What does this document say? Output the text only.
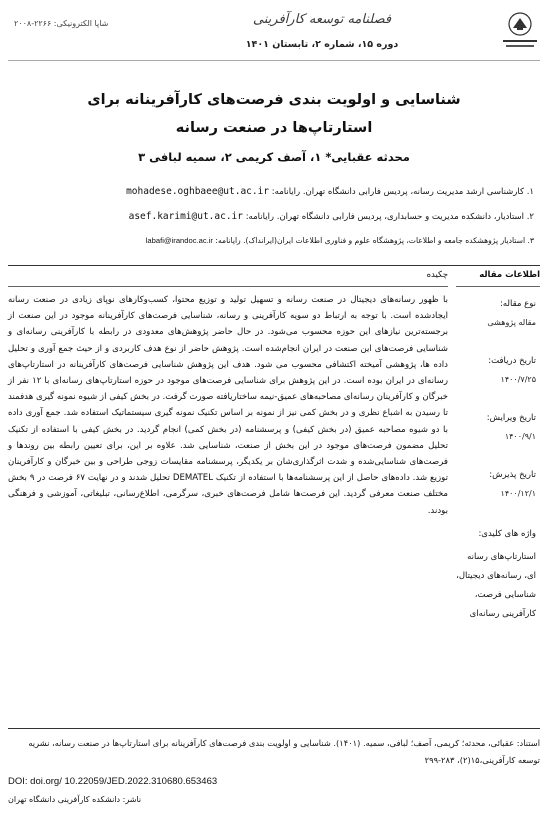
فصلنامه توسعه کارآفرینی
دوره ۱۵، شماره ۲، تابستان ۱۴۰۱
شاپا الکترونیکی: ۲۲۶۶-۲۰۰۸
شناسایی و اولویت بندی فرصت‌های کارآفرینانه برای
استارتاپ‌ها در صنعت رسانه
محدثه عقبایی* ۱، آصف کریمی ۲، سمیه لبافی ۳
۱. کارشناسی ارشد مدیریت رسانه، پردیس فارابی دانشگاه تهران. رایانامه: mohadese.oghbaee@ut.ac.ir
۲. استادیار، دانشکده مدیریت و حسابداری، پردیس فارابی دانشگاه تهران. رایانامه: asef.karimi@ut.ac.ir
۳. استادیار پژوهشکده جامعه و اطلاعات، پژوهشگاه علوم و فناوری اطلاعات ایران(ایرانداک). رایانامه: labafi@irandoc.ac.ir
اطلاعات مقاله
چکیده
نوع مقاله:
مقاله پژوهشی
تاریخ دریافت:
۱۴۰۰/۷/۲۵
تاریخ ویرایش:
۱۴۰۰/۹/۱
تاریخ پذیرش:
۱۴۰۰/۱۲/۱
واژه های کلیدی:
استارتاپ‌های رسانه‌ ای، رسانه‌های دیجیتال، شناسایی فرصت، کارآفرینی رسانه‌ای
با ظهور رسانه‌های دیجیتال در صنعت رسانه و تسهیل تولید و توزیع محتوا، کسب‌وکارهای نوپای زیادی در صنعت رسانه ایجاد‌شده است. با توجه به ارتباط دو سویه کارآفرینی و رسانه، شناسایی فرصت‌های کارآفرینانه موجود در این صنعت از برجسته‌ترین نیازهای این حوزه محسوب می‌شود. در حال حاضر پژوهش‌های معدودی در رابطه با کارآفرینی رسانه‌ای و شناسایی فرصت‌های این صنعت در ایران انجام‌شده است. پژوهش حاضر از نوع هدف کاربردی و از حیث جمع آوری و تحلیل داده ها، پژوهشی آمیخته اکتشافی محسوب می شود. هدف این پژوهش شناسایی فرصت‌های کارآفرینانه در استارتاپ‌های رسانه‌ای در ایران بوده است. در این پژوهش برای شناسایی فرصت‌های موجود در حوزه استارتاپ‌های رسانه‌ای با ۱۲ نفر از خبرگان و کارآفرینان رسانه‌ای مصاحبه‌های عمیق-نیمه ساختاریافته صورت گرفت. در بخش کیفی از شیوه نمونه گیری هدفمند تا رسیدن به اشباع نظری و در بخش کمی نیز از نمونه بر اساس تکنیک نمونه گیری سیستماتیک استفاده شد. جمع آوری داده با دو شیوه مصاحبه عمیق (در بخش کیفی) و پرسشنامه (در بخش کمی) انجام گردید. در بخش کیفی با استفاده از تکنیک تحلیل مضمون فرصت‌های موجود در این بخش از صنعت، شناسایی شد. علاوه بر این، برای تعیین رابطه بین روندها و فرصت‌های شناسایی‌شده و شدت اثرگذاری‌شان بر یکدیگر، پرسشنامه مقایسات زوجی طراحی و بین خبرگان و کارآفرینان توزیع شد. داده‌های حاصل از این پرسشنامه‌ها با استفاده از تکنیک DEMATEL تحلیل شدند و در نهایت ۶۷ فرصت در ۹ بخش مختلف صنعت معرفی گردید. این فرصت‌ها شامل فرصت‌های خبری، سرگرمی، اطلاع‌رسانی، تبلیغاتی، آموزشی و فرهنگی بودند.
استناد: عقبائی، محدثه؛ کریمی، آصف؛ لبافی، سمیه. (۱۴۰۱). شناسایی و اولویت بندی فرصت‌های کارآفرینانه برای استارتاپ‌ها در صنعت رسانه، نشریه توسعه کارآفرینی،۱۵(۲)، ۲۸۳-۲۹۹
DOI: doi.org/ 10.22059/JED.2022.310680.653463
ناشر: دانشکده کارآفرینی دانشگاه تهران
